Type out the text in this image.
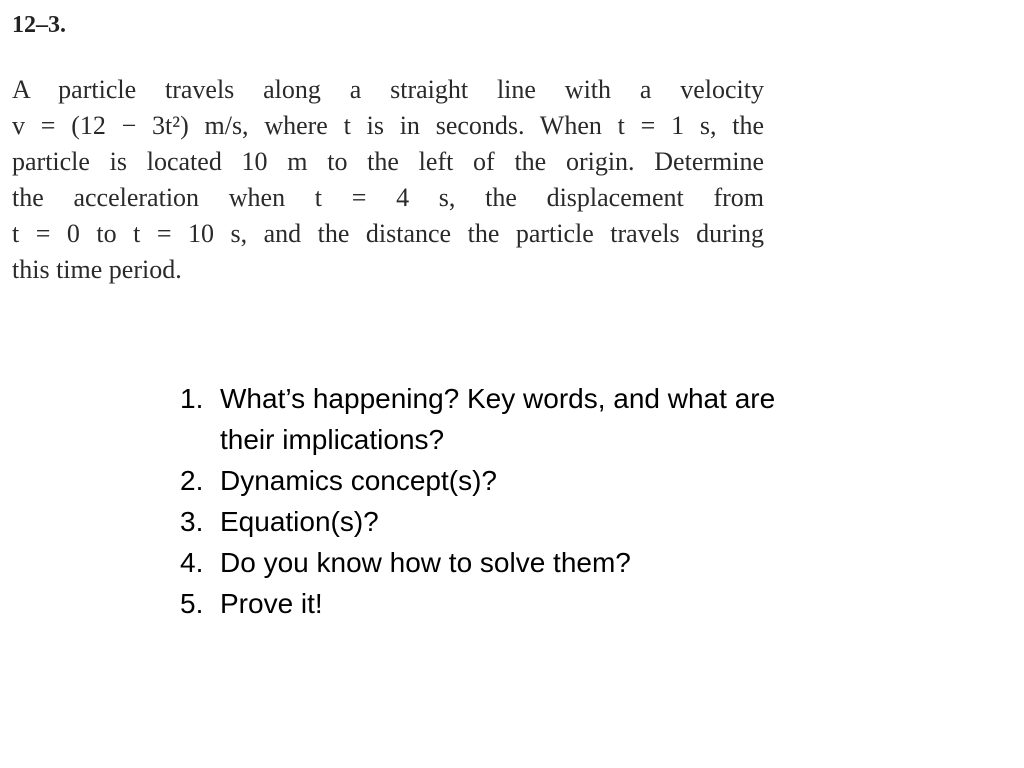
12–3.

A particle travels along a straight line with a velocity
v = (12 − 3t²) m/s, where t is in seconds. When t = 1 s, the
particle is located 10 m to the left of the origin. Determine
the acceleration when t = 4 s, the displacement from
t = 0 to t = 10 s, and the distance the particle travels during
this time period.

1. What’s happening? Key words, and what are their implications?
2. Dynamics concept(s)?
3. Equation(s)?
4. Do you know how to solve them?
5. Prove it!
